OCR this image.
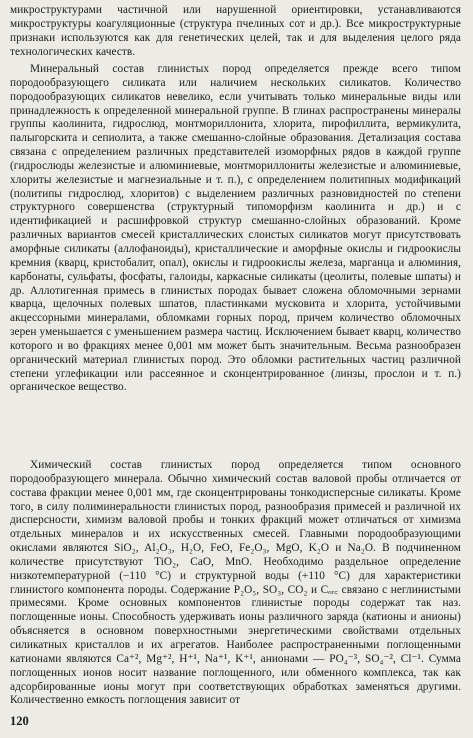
микроструктурами частичной или нарушенной ориентировки, устанавливаются микроструктуры коагуляционные (структура пчелиных сот и др.). Все микроструктурные признаки используются как для генетических целей, так и для выделения целого ряда технологических качеств.

Минеральный состав глинистых пород определяется прежде всего типом породообразующего силиката или наличием нескольких силикатов. Количество породообразующих силикатов невелико, если учитывать только минеральные виды или принадлежность к определенной минеральной группе. В глинах распространены минералы группы каолинита, гидрослюд, монтмориллонита, хлорита, пирофиллита, вермикулита, палыгорскита и сепиолита, а также смешанно-слойные образования. Детализация состава связана с определением различных представителей изоморфных рядов в каждой группе (гидрослюды железистые и алюминиевые, монтмориллониты железистые и алюминиевые, хлориты железистые и магнезиальные и т. п.), с определением политипных модификаций (политипы гидрослюд, хлоритов) с выделением различных разновидностей по степени структурного совершенства (структурный типоморфизм каолинита и др.) и с идентификацией и расшифровкой структур смешанно-слойных образований. Кроме различных вариантов смесей кристаллических слоистых силикатов могут присутствовать аморфные силикаты (аллофаноиды), кристаллические и аморфные окислы и гидроокислы кремния (кварц, кристобалит, опал), окислы и гидроокислы железа, марганца и алюминия, карбонаты, сульфаты, фосфаты, галоиды, каркасные силикаты (цеолиты, полевые шпаты) и др. Аллотигенная примесь в глинистых породах бывает сложена обломочными зернами кварца, щелочных полевых шпатов, пластинками мусковита и хлорита, устойчивыми акцессорными минералами, обломками горных пород, причем количество обломочных зерен уменьшается с уменьшением размера частиц. Исключением бывает кварц, количество которого и во фракциях менее 0,001 мм может быть значительным. Весьма разнообразен органический материал глинистых пород. Это обломки растительных частиц различной степени углефикации или рассеянное и сконцентрированное (линзы, прослои и т. п.) органическое вещество.

Химический состав глинистых пород определяется типом основного породообразующего минерала. Обычно химический состав валовой пробы отличается от состава фракции менее 0,001 мм, где сконцентрированы тонкодисперсные силикаты. Кроме того, в силу полиминеральности глинистых пород, разнообразия примесей и различной их дисперсности, химизм валовой пробы и тонких фракций может отличаться от химизма отдельных минералов и их искусственных смесей. Главными породообразующими окислами являются SiO₂, Al₂O₃, H₂O, FeO, Fe₂O₃, MgO, K₂O и Na₂O. В подчиненном количестве присутствуют TiO₂, CaO, MnO. Необходимо раздельное определение низкотемпературной (−110 °C) и структурной воды (+110 °C) для характеристики глинистого компонента породы. Содержание P₂O₅, SO₃, CO₂ и Cₒᵣ꜀ связано с неглинистыми примесями. Кроме основных компонентов глинистые породы содержат так наз. поглощенные ионы. Способность удерживать ионы различного заряда (катионы и анионы) объясняется в основном поверхностными энергетическими свойствами отдельных силикатных кристаллов и их агрегатов. Наиболее распространенными поглощенными катионами являются Ca⁺², Mg⁺², H⁺¹, Na⁺¹, K⁺¹, анионами — PO₄⁻³, SO₄⁻², Cl⁻¹. Сумма поглощенных ионов носит название поглощенного, или обменного комплекса, так как адсорбированные ионы могут при соответствующих обработках заменяться другими. Количественно емкость поглощения зависит от

120
